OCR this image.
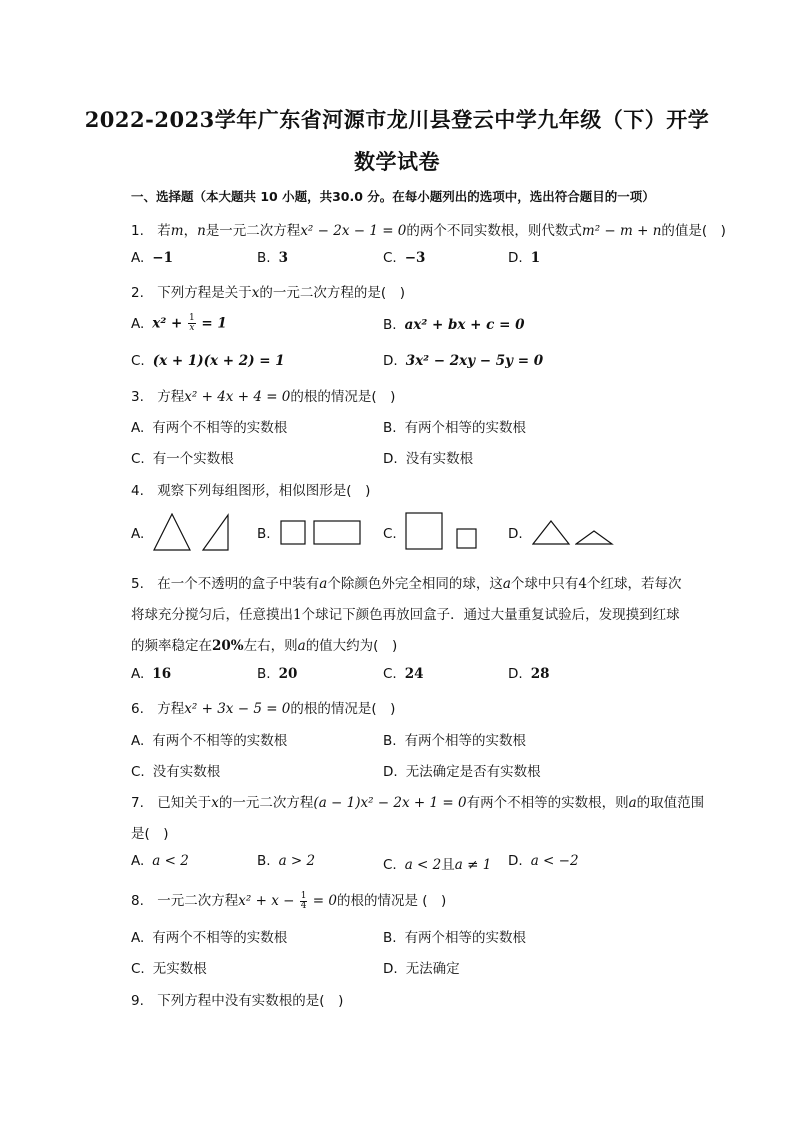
2022-2023学年广东省河源市龙川县登云中学九年级（下）开学
数学试卷
一、选择题（本大题共 10 小题，共30.0 分。在每小题列出的选项中，选出符合题目的一项）
1. 若m，n是一元二次方程x² − 2x − 1 = 0的两个不同实数根，则代数式m² − m + n的值是(　)
A. −1	B. 3	C. −3	D. 1
2. 下列方程是关于x的一元二次方程的是(　)
A. $x^2 + \frac{1}{x} = 1$	B. ax² + bx + c = 0
C. (x + 1)(x + 2) = 1	D. 3x² − 2xy − 5y = 0
3. 方程x² + 4x + 4 = 0的根的情况是(　)
A. 有两个不相等的实数根	B. 有两个相等的实数根
C. 有一个实数根	D. 没有实数根
4. 观察下列每组图形，相似图形是(　)
A.	B.	C.	D.
5. 在一个不透明的盒子中装有a个除颜色外完全相同的球，这a个球中只有4个红球，若每次
将球充分搅匀后，任意摸出1个球记下颜色再放回盒子．通过大量重复试验后，发现摸到红球
的频率稳定在20%左右，则a的值大约为(　)
A. 16	B. 20	C. 24	D. 28
6. 方程x² + 3x − 5 = 0的根的情况是(　)
A. 有两个不相等的实数根	B. 有两个相等的实数根
C. 没有实数根	D. 无法确定是否有实数根
7. 已知关于x的一元二次方程(a − 1)x² − 2x + 1 = 0有两个不相等的实数根，则a的取值范围
是(　)
A. a < 2	B. a > 2	C. a < 2且a ≠ 1 D. a < −2
8. 一元二次方程$x^2 + x - \frac{1}{4} = 0$的根的情况是 (　)
A. 有两个不相等的实数根	B. 有两个相等的实数根
C. 无实数根	D. 无法确定
9. 下列方程中没有实数根的是(　)
